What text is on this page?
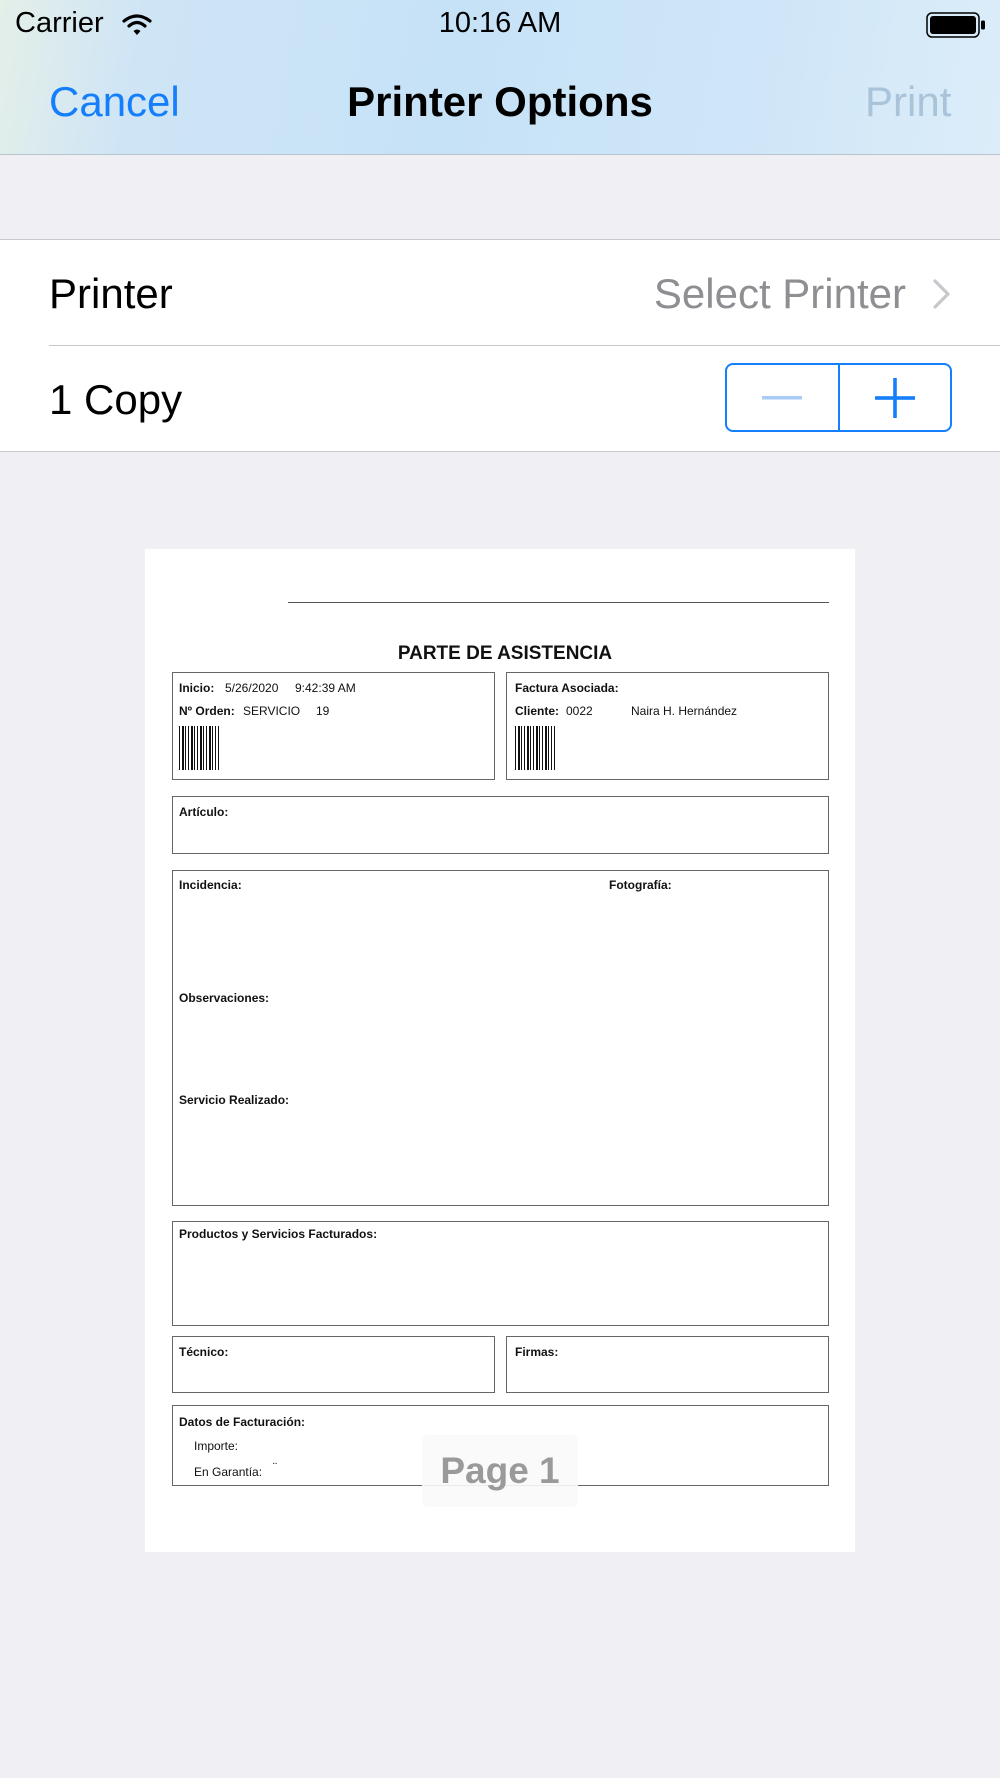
Cancel	Printer Options	Print
Carrier	10:16 AM
Printer	Select Printer
1 Copy
PARTE DE ASISTENCIA
Inicio: 5/26/2020 9:42:39 AM
Nº Orden: SERVICIO 19
Factura Asociada:
Cliente: 0022	Naira H. Hernández
Artículo:
Incidencia:	Fotografía:
Observaciones:
Servicio Realizado:
Productos y Servicios Facturados:
Técnico:	Firmas:
Datos de Facturación:
Importe:
En Garantía: ¨	Page 1
